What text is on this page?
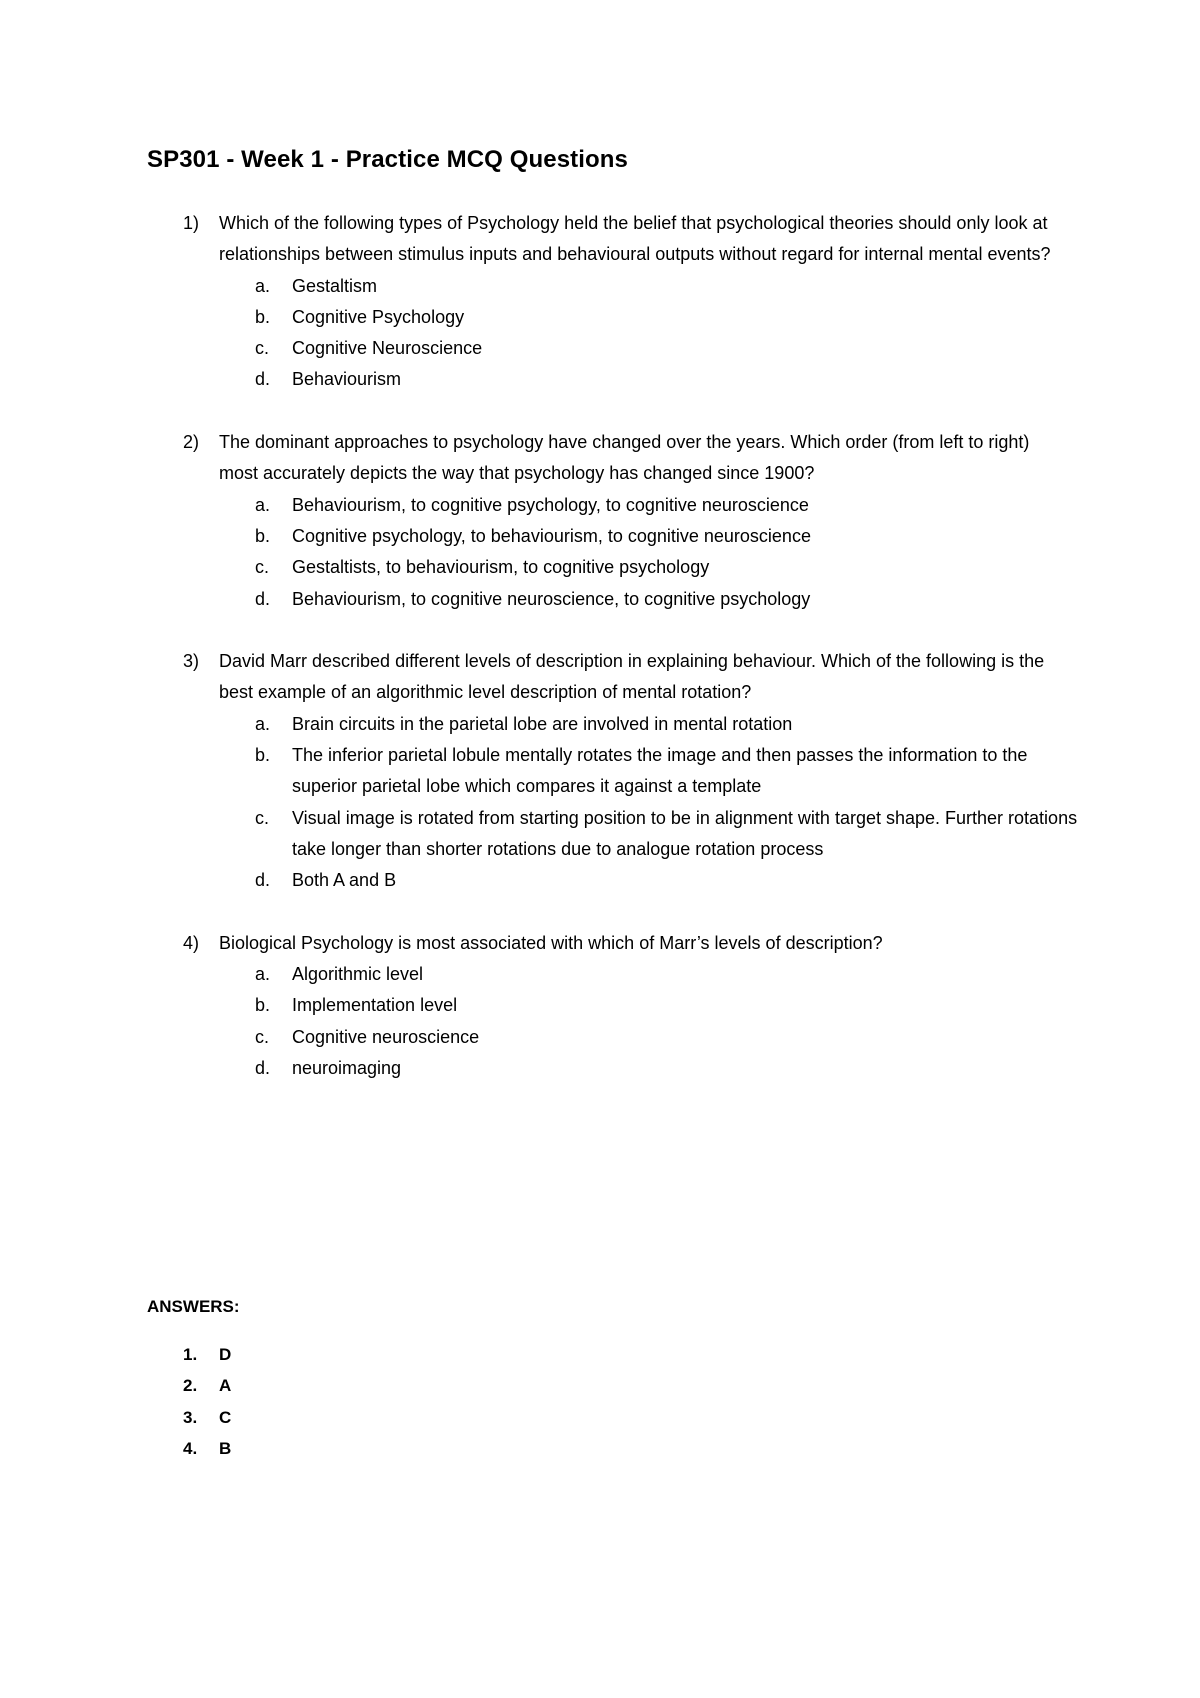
SP301 - Week 1 - Practice MCQ Questions
1) Which of the following types of Psychology held the belief that psychological theories should only look at relationships between stimulus inputs and behavioural outputs without regard for internal mental events?
a. Gestaltism
b. Cognitive Psychology
c. Cognitive Neuroscience
d. Behaviourism
2) The dominant approaches to psychology have changed over the years. Which order (from left to right) most accurately depicts the way that psychology has changed since 1900?
a. Behaviourism, to cognitive psychology, to cognitive neuroscience
b. Cognitive psychology, to behaviourism, to cognitive neuroscience
c. Gestaltists, to behaviourism, to cognitive psychology
d. Behaviourism, to cognitive neuroscience, to cognitive psychology
3) David Marr described different levels of description in explaining behaviour. Which of the following is the best example of an algorithmic level description of mental rotation?
a. Brain circuits in the parietal lobe are involved in mental rotation
b. The inferior parietal lobule mentally rotates the image and then passes the information to the superior parietal lobe which compares it against a template
c. Visual image is rotated from starting position to be in alignment with target shape. Further rotations take longer than shorter rotations due to analogue rotation process
d. Both A and B
4) Biological Psychology is most associated with which of Marr’s levels of description?
a. Algorithmic level
b. Implementation level
c. Cognitive neuroscience
d. neuroimaging
ANSWERS:
1. D
2. A
3. C
4. B
